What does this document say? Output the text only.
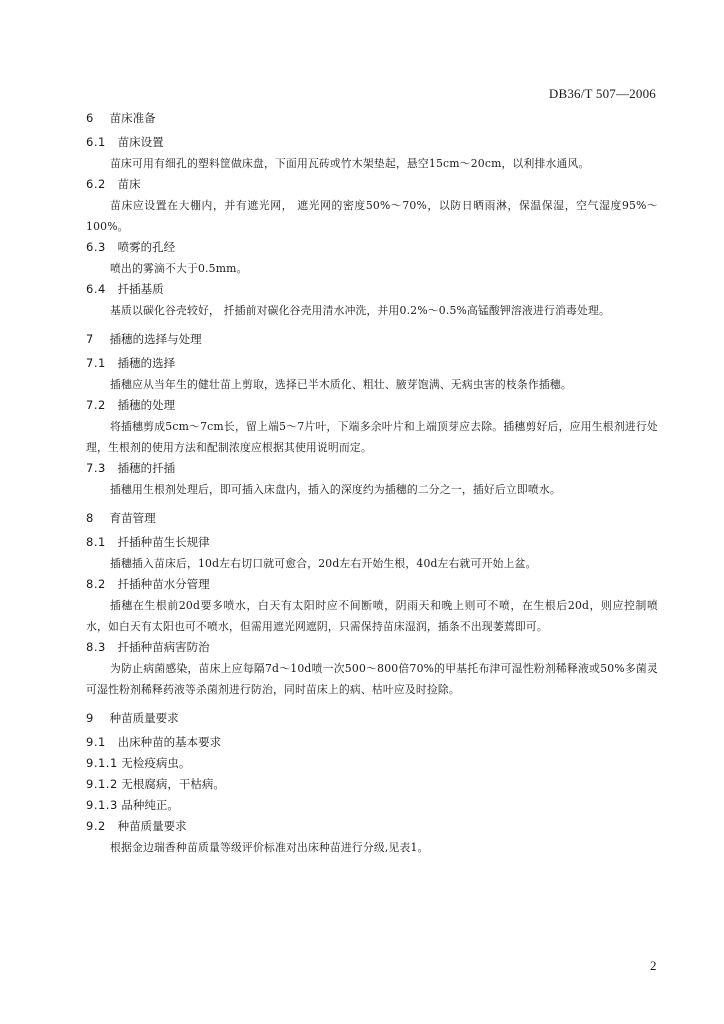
DB36/T 507—2006
6 苗床准备
6.1 苗床设置

苗床可用有细孔的塑料筐做床盘，下面用瓦砖或竹木架垫起，悬空15cm～20cm，以利排水通风。

6.2 苗床

苗床应设置在大棚内，并有遮光网， 遮光网的密度50%～70%，以防日晒雨淋，保温保湿，空气湿度95%～100%。

6.3 喷雾的孔经

喷出的雾滴不大于0.5mm。

6.4 扦插基质

基质以碳化谷壳较好， 扦插前对碳化谷壳用清水冲洗，并用0.2%～0.5%高锰酸钾溶液进行消毒处理。

7 插穗的选择与处理
7.1 插穗的选择

插穗应从当年生的健壮苗上剪取，选择已半木质化、粗壮、腋芽饱满、无病虫害的枝条作插穗。

7.2 插穗的处理

将插穗剪成5cm～7cm长，留上端5～7片叶，下端多余叶片和上端顶芽应去除。插穗剪好后，应用生根剂进行处理，生根剂的使用方法和配制浓度应根据其使用说明而定。

7.3 插穗的扦插

插穗用生根剂处理后，即可插入床盘内，插入的深度约为插穗的二分之一，插好后立即喷水。

8 育苗管理
8.1 扦插种苗生长规律

插穗插入苗床后，10d左右切口就可愈合，20d左右开始生根，40d左右就可开始上盆。

8.2 扦插种苗水分管理

插穗在生根前20d要多喷水，白天有太阳时应不间断喷，阴雨天和晚上则可不喷，在生根后20d，则应控制喷水，如白天有太阳也可不喷水，但需用遮光网遮阴，只需保持苗床湿润，插条不出现萎蔫即可。

8.3 扦插种苗病害防治

为防止病菌感染，苗床上应每隔7d～10d喷一次500～800倍70%的甲基托布津可湿性粉剂稀释液或50%多菌灵可湿性粉剂稀释药液等杀菌剂进行防治，同时苗床上的病、枯叶应及时捡除。

9 种苗质量要求
9.1 出床种苗的基本要求
9.1.1 无检疫病虫。
9.1.2 无根腐病，干枯病。
9.1.3 品种纯正。
9.2 种苗质量要求

根据金边瑞香种苗质量等级评价标准对出床种苗进行分级,见表1。

2
